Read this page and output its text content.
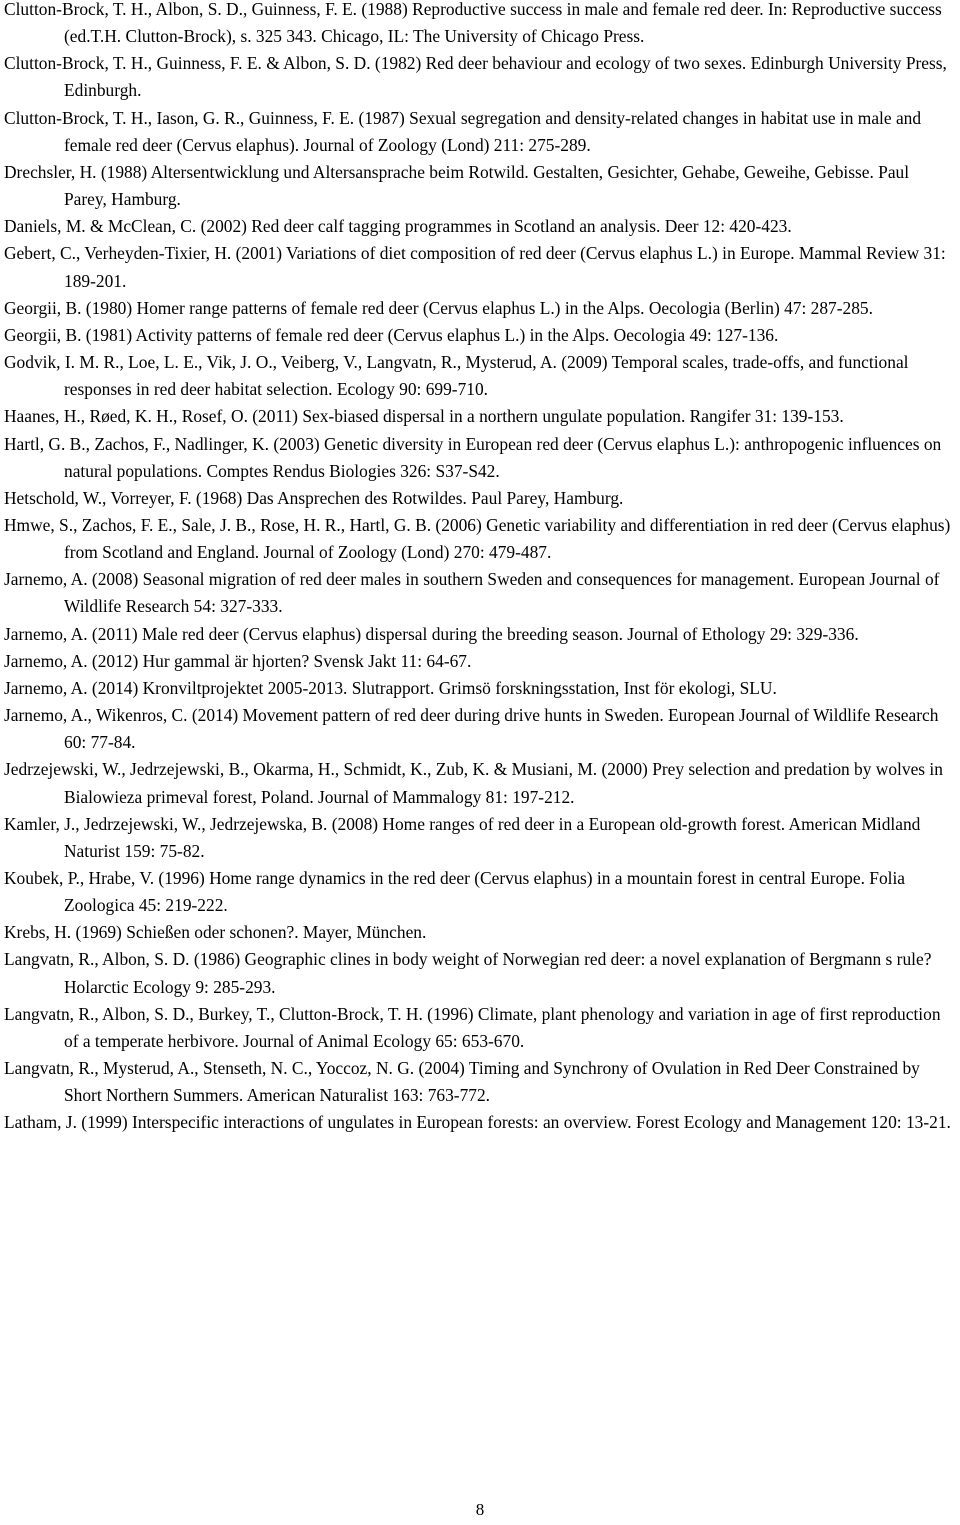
Clutton-Brock, T. H., Albon, S. D., Guinness, F. E. (1988) Reproductive success in male and female red deer. In: Reproductive success (ed.T.H. Clutton-Brock), s. 325 343. Chicago, IL: The University of Chicago Press.
Clutton-Brock, T. H., Guinness, F. E. & Albon, S. D. (1982) Red deer behaviour and ecology of two sexes. Edinburgh University Press, Edinburgh.
Clutton-Brock, T. H., Iason, G. R., Guinness, F. E. (1987) Sexual segregation and density-related changes in habitat use in male and female red deer (Cervus elaphus). Journal of Zoology (Lond) 211: 275-289.
Drechsler, H. (1988) Altersentwicklung und Altersansprache beim Rotwild. Gestalten, Gesichter, Gehabe, Geweihe, Gebisse. Paul Parey, Hamburg.
Daniels, M. & McClean, C. (2002) Red deer calf tagging programmes in Scotland an analysis. Deer 12: 420-423.
Gebert, C., Verheyden-Tixier, H. (2001) Variations of diet composition of red deer (Cervus elaphus L.) in Europe. Mammal Review 31: 189-201.
Georgii, B. (1980) Homer range patterns of female red deer (Cervus elaphus L.) in the Alps. Oecologia (Berlin) 47: 287-285.
Georgii, B. (1981) Activity patterns of female red deer (Cervus elaphus L.) in the Alps. Oecologia 49: 127-136.
Godvik, I. M. R., Loe, L. E., Vik, J. O., Veiberg, V., Langvatn, R., Mysterud, A. (2009) Temporal scales, trade-offs, and functional responses in red deer habitat selection. Ecology 90: 699-710.
Haanes, H., Røed, K. H., Rosef, O. (2011) Sex-biased dispersal in a northern ungulate population. Rangifer 31: 139-153.
Hartl, G. B., Zachos, F., Nadlinger, K. (2003) Genetic diversity in European red deer (Cervus elaphus L.): anthropogenic influences on natural populations. Comptes Rendus Biologies 326: S37-S42.
Hetschold, W., Vorreyer, F. (1968) Das Ansprechen des Rotwildes. Paul Parey, Hamburg.
Hmwe, S., Zachos, F. E., Sale, J. B., Rose, H. R., Hartl, G. B. (2006) Genetic variability and differentiation in red deer (Cervus elaphus) from Scotland and England. Journal of Zoology (Lond) 270: 479-487.
Jarnemo, A. (2008) Seasonal migration of red deer males in southern Sweden and consequences for management. European Journal of Wildlife Research 54: 327-333.
Jarnemo, A. (2011) Male red deer (Cervus elaphus) dispersal during the breeding season. Journal of Ethology 29: 329-336.
Jarnemo, A. (2012) Hur gammal är hjorten? Svensk Jakt 11: 64-67.
Jarnemo, A. (2014) Kronviltprojektet 2005-2013. Slutrapport. Grimsö forskningsstation, Inst för ekologi, SLU.
Jarnemo, A., Wikenros, C. (2014) Movement pattern of red deer during drive hunts in Sweden. European Journal of Wildlife Research 60: 77-84.
Jedrzejewski, W., Jedrzejewski, B., Okarma, H., Schmidt, K., Zub, K. & Musiani, M. (2000) Prey selection and predation by wolves in Bialowieza primeval forest, Poland. Journal of Mammalogy 81: 197-212.
Kamler, J., Jedrzejewski, W., Jedrzejewska, B. (2008) Home ranges of red deer in a European old-growth forest. American Midland Naturist 159: 75-82.
Koubek, P., Hrabe, V. (1996) Home range dynamics in the red deer (Cervus elaphus) in a mountain forest in central Europe. Folia Zoologica 45: 219-222.
Krebs, H. (1969) Schießen oder schonen?. Mayer, München.
Langvatn, R., Albon, S. D. (1986) Geographic clines in body weight of Norwegian red deer: a novel explanation of Bergmann s rule? Holarctic Ecology 9: 285-293.
Langvatn, R., Albon, S. D., Burkey, T., Clutton-Brock, T. H. (1996) Climate, plant phenology and variation in age of first reproduction of a temperate herbivore. Journal of Animal Ecology 65: 653-670.
Langvatn, R., Mysterud, A., Stenseth, N. C., Yoccoz, N. G. (2004) Timing and Synchrony of Ovulation in Red Deer Constrained by Short Northern Summers. American Naturalist 163: 763-772.
Latham, J. (1999) Interspecific interactions of ungulates in European forests: an overview. Forest Ecology and Management 120: 13-21.
8
